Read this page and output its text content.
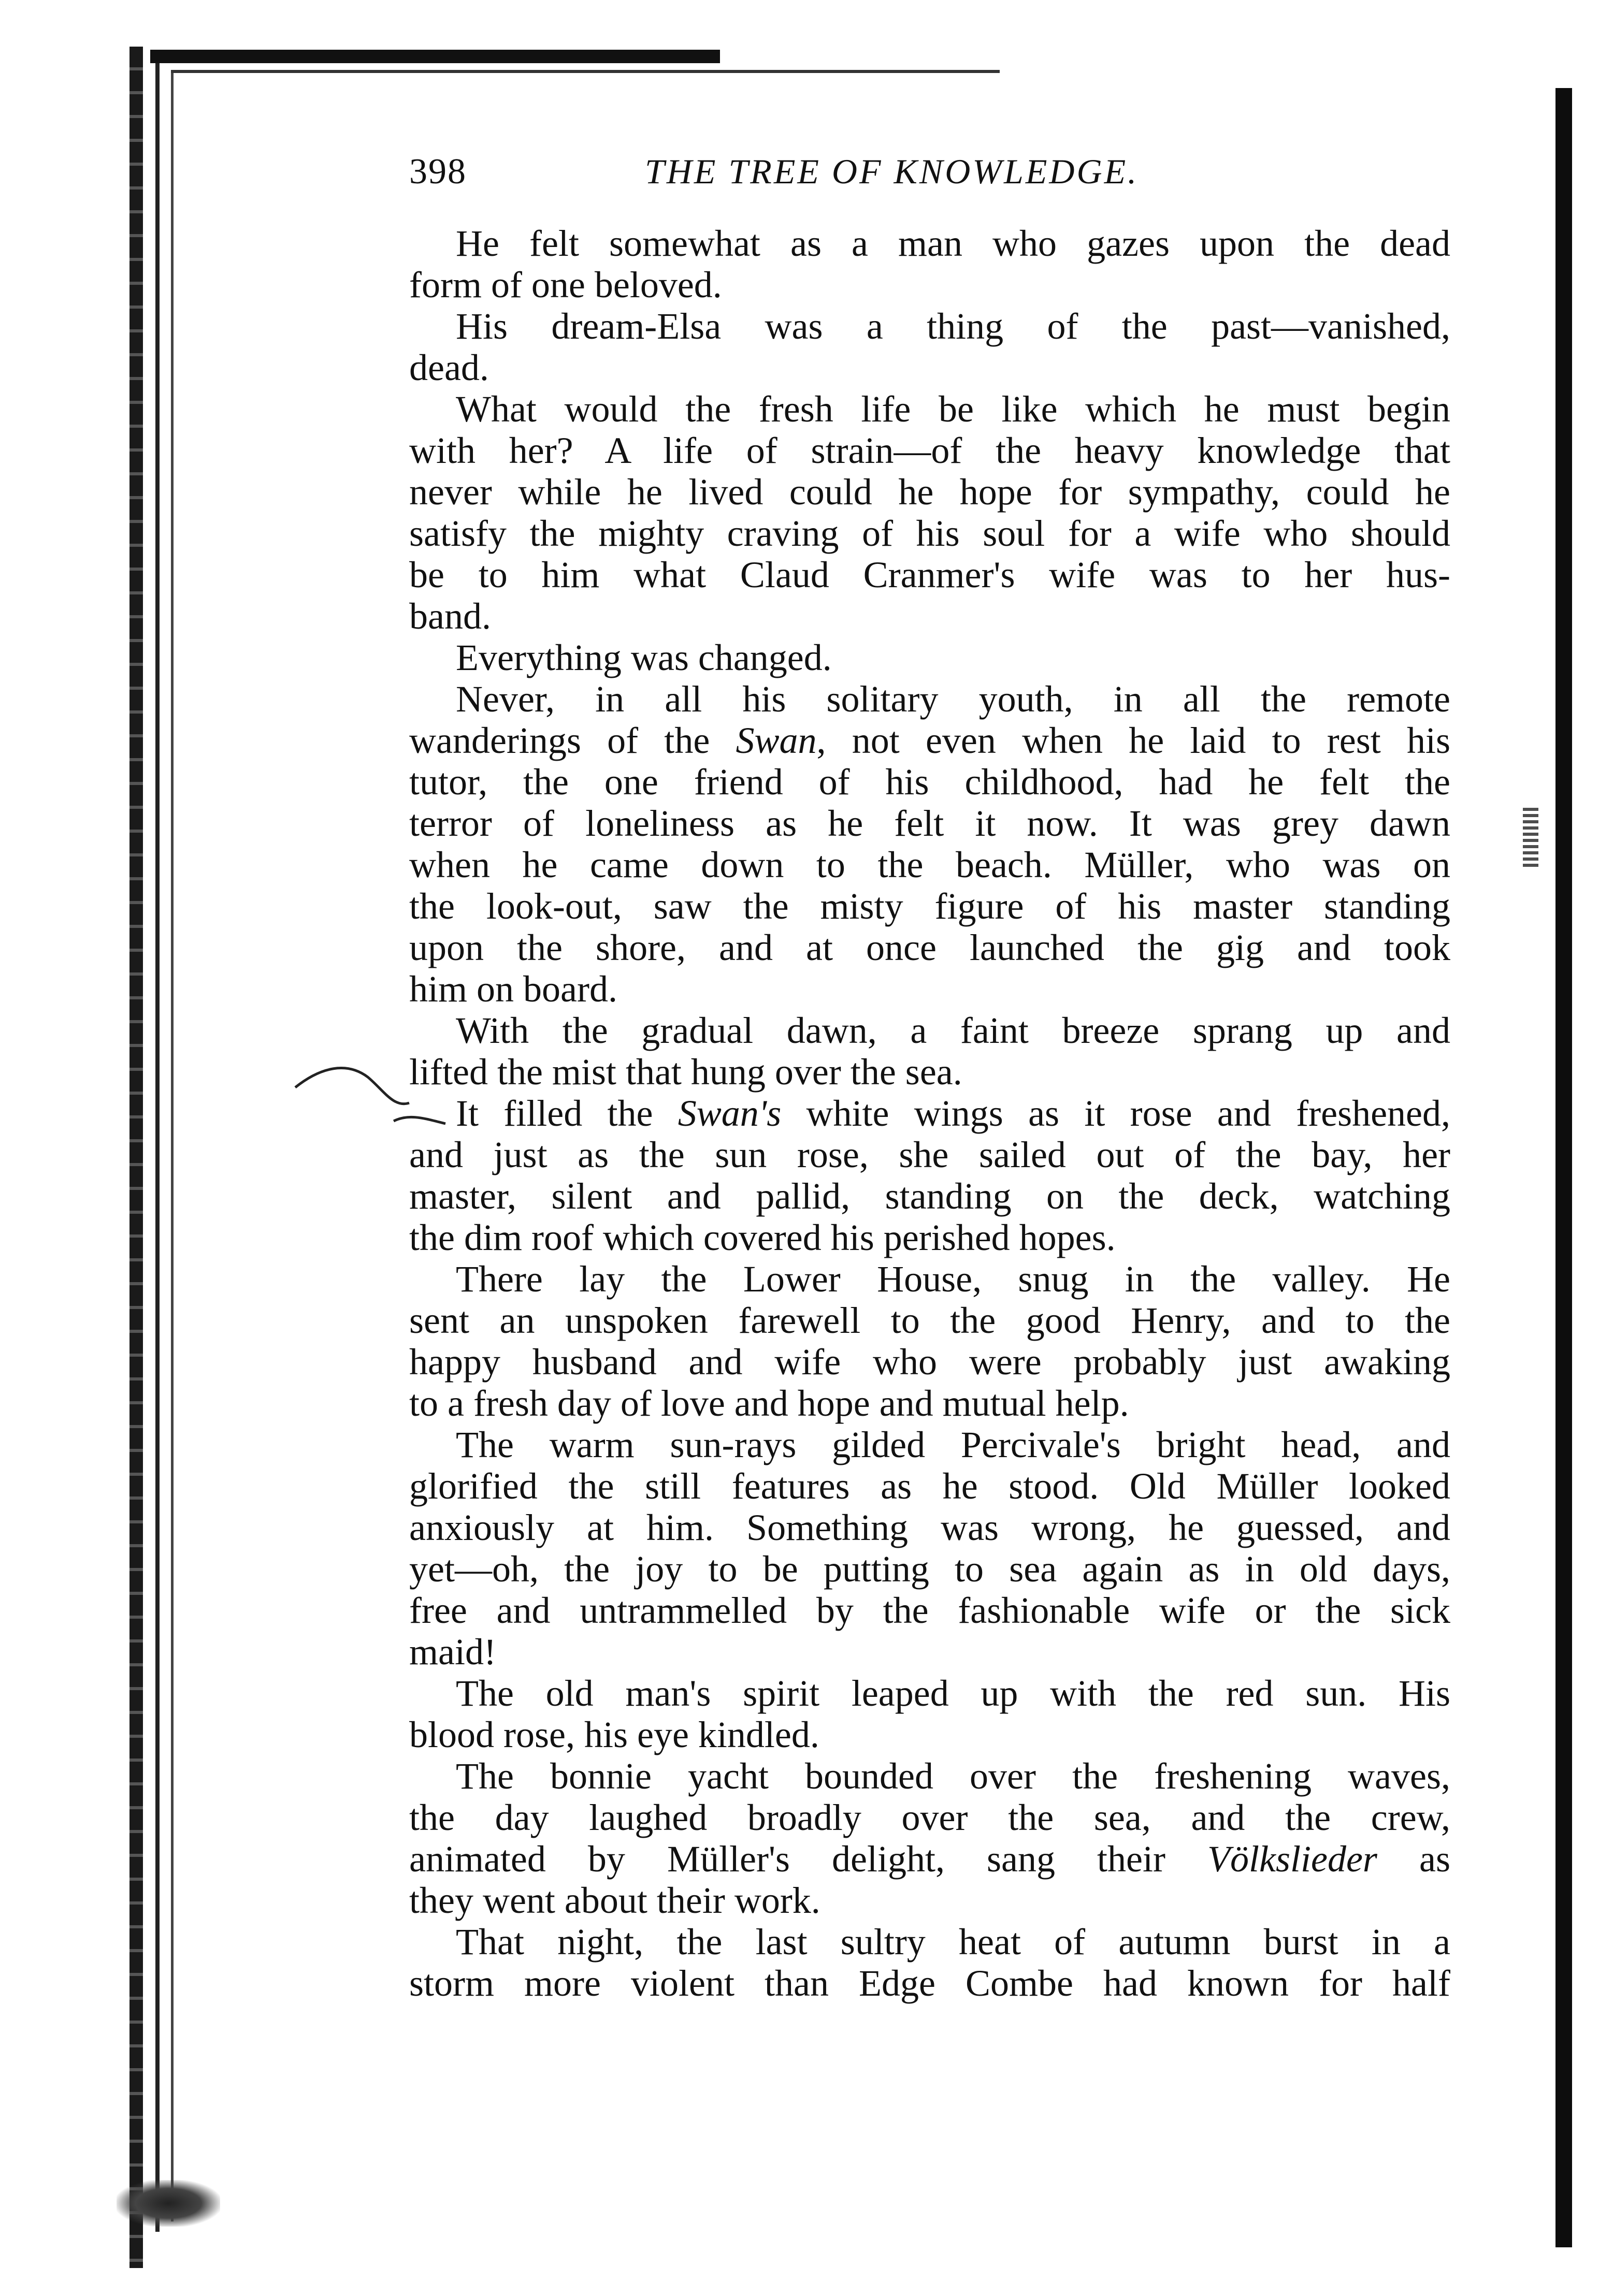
398	THE TREE OF KNOWLEDGE.
He felt somewhat as a man who gazes upon the dead
form of one beloved.
His dream-Elsa was a thing of the past—vanished,
dead.
What would the fresh life be like which he must begin
with her? A life of strain—of the heavy knowledge that
never while he lived could he hope for sympathy, could he
satisfy the mighty craving of his soul for a wife who should
be to him what Claud Cranmer's wife was to her hus-
band.
Everything was changed.
Never, in all his solitary youth, in all the remote
wanderings of the Swan, not even when he laid to rest his
tutor, the one friend of his childhood, had he felt the
terror of loneliness as he felt it now. It was grey dawn
when he came down to the beach. Müller, who was on
the look-out, saw the misty figure of his master standing
upon the shore, and at once launched the gig and took
him on board.
With the gradual dawn, a faint breeze sprang up and
lifted the mist that hung over the sea.
It filled the Swan's white wings as it rose and freshened,
and just as the sun rose, she sailed out of the bay, her
master, silent and pallid, standing on the deck, watching
the dim roof which covered his perished hopes.
There lay the Lower House, snug in the valley. He
sent an unspoken farewell to the good Henry, and to the
happy husband and wife who were probably just awaking
to a fresh day of love and hope and mutual help.
The warm sun-rays gilded Percivale's bright head, and
glorified the still features as he stood. Old Müller looked
anxiously at him. Something was wrong, he guessed, and
yet—oh, the joy to be putting to sea again as in old days,
free and untrammelled by the fashionable wife or the sick
maid!
The old man's spirit leaped up with the red sun. His
blood rose, his eye kindled.
The bonnie yacht bounded over the freshening waves,
the day laughed broadly over the sea, and the crew,
animated by Müller's delight, sang their Völkslieder as
they went about their work.
That night, the last sultry heat of autumn burst in a
storm more violent than Edge Combe had known for half
